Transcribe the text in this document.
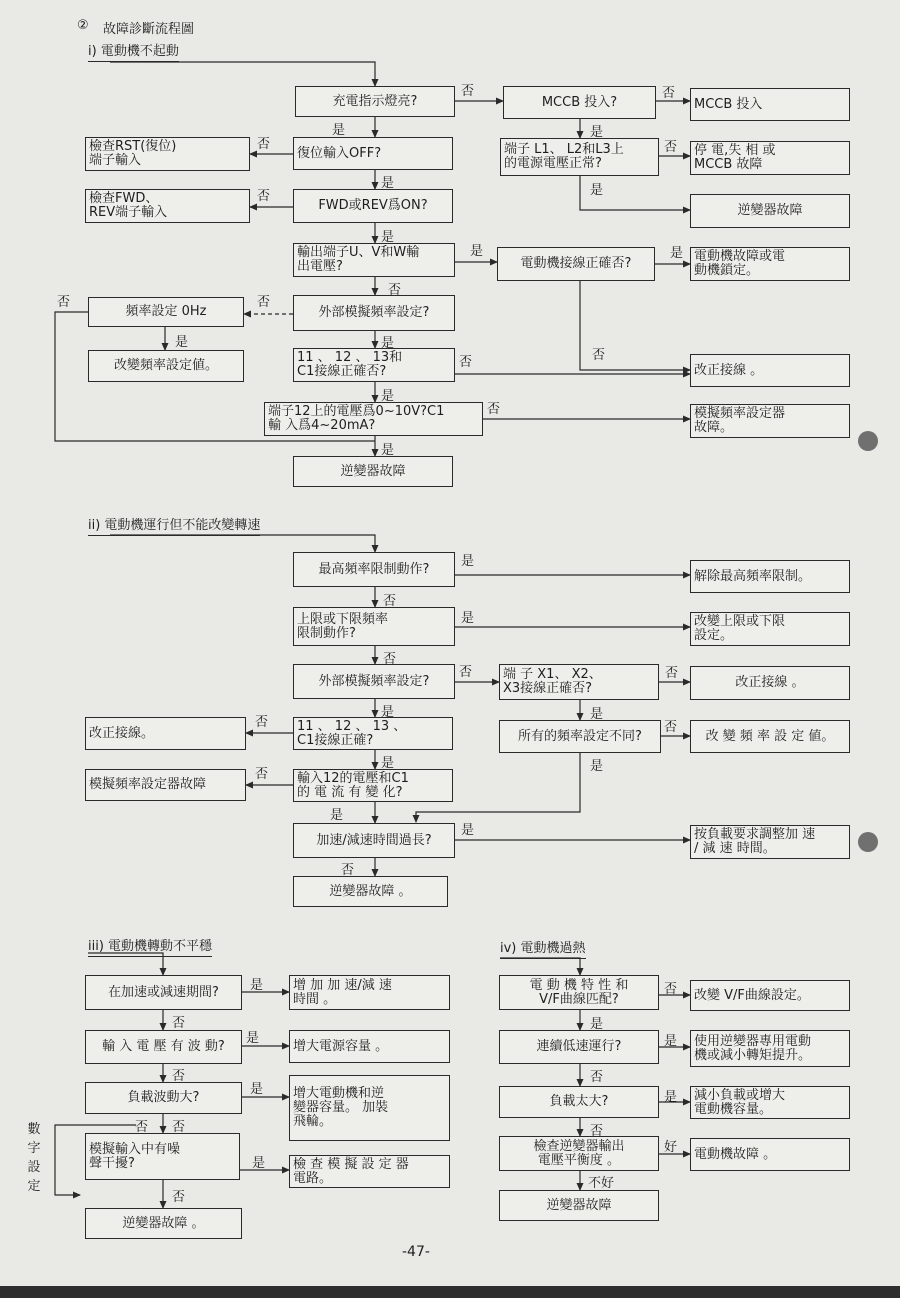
② 故障診斷流程圖
i) 電動機不起動
充電指示燈亮?	MCCB 投入?	MCCB 投入
檢查RST(復位)
端子輸入	復位輸入OFF?	端子 L1、 L2和L3上
的電源電壓正常?
停 電,失 相 或
MCCB 故障
檢查FWD、
REV端子輸入	FWD或REV爲ON?	逆變器故障
輸出端子U、V和W輸
出電壓?	電動機接線正確否?	電動機故障或電
動機鎖定。
頻率設定 0Hz	外部模擬頻率設定?
改變頻率設定値。
11 、 12 、 13和
C1接線正確否?	改正接線 。
端子12上的電壓爲0~10V?C1
輸 入爲4~20mA?
模擬頻率設定器
故障。
逆變器故障
否	否
是	是
否	否
是	是
否
是
是	是
否
否	否
是	是
否
否
是
否
是
ii) 電動機運行但不能改變轉速
最高頻率限制動作?	解除最高頻率限制。
上限或下限頻率
限制動作?
改變上限或下限
設定。
外部模擬頻率設定?	端 子 X1、 X2、
X3接線正確否?	改正接線 。
改正接線。	11 、 12 、 13 、
C1接線正確?	所有的頻率設定不同?	改 變 頻 率 設 定 値。
模擬頻率設定器故障	輸入12的電壓和C1
的 電 流 有 變 化?
加速/減速時間過長?	按負載要求調整加 速
/ 減 速 時間。
逆變器故障 。
是
否
是
否
否	否
是	是
否	否
是	是
否
是
是
否
iii) 電動機轉動不平穩
在加速或減速期間?	增 加 加 速/減 速
時間 。
輸 入 電 壓 有 波 動?	增大電源容量 。
負載波動大?	增大電動機和逆
變器容量。 加裝
飛輪。
模擬輸入中有噪
聲干擾?	檢 查 模 擬 設 定 器
電路。
逆變器故障 。
數
字
設
定
是
否
是
否
是
否 否
是
否
iv) 電動機過熱
電 動 機 特 性 和
V/F曲線匹配?	改變 V/F曲線設定。
連續低速運行?	使用逆變器專用電動
機或減小轉矩提升。
負載太大?	減小負載或增大
電動機容量。
檢查逆變器輸出
電壓平衡度 。	電動機故障 。
逆變器故障
否
是
是
否
是
否
好
不好
-47-
